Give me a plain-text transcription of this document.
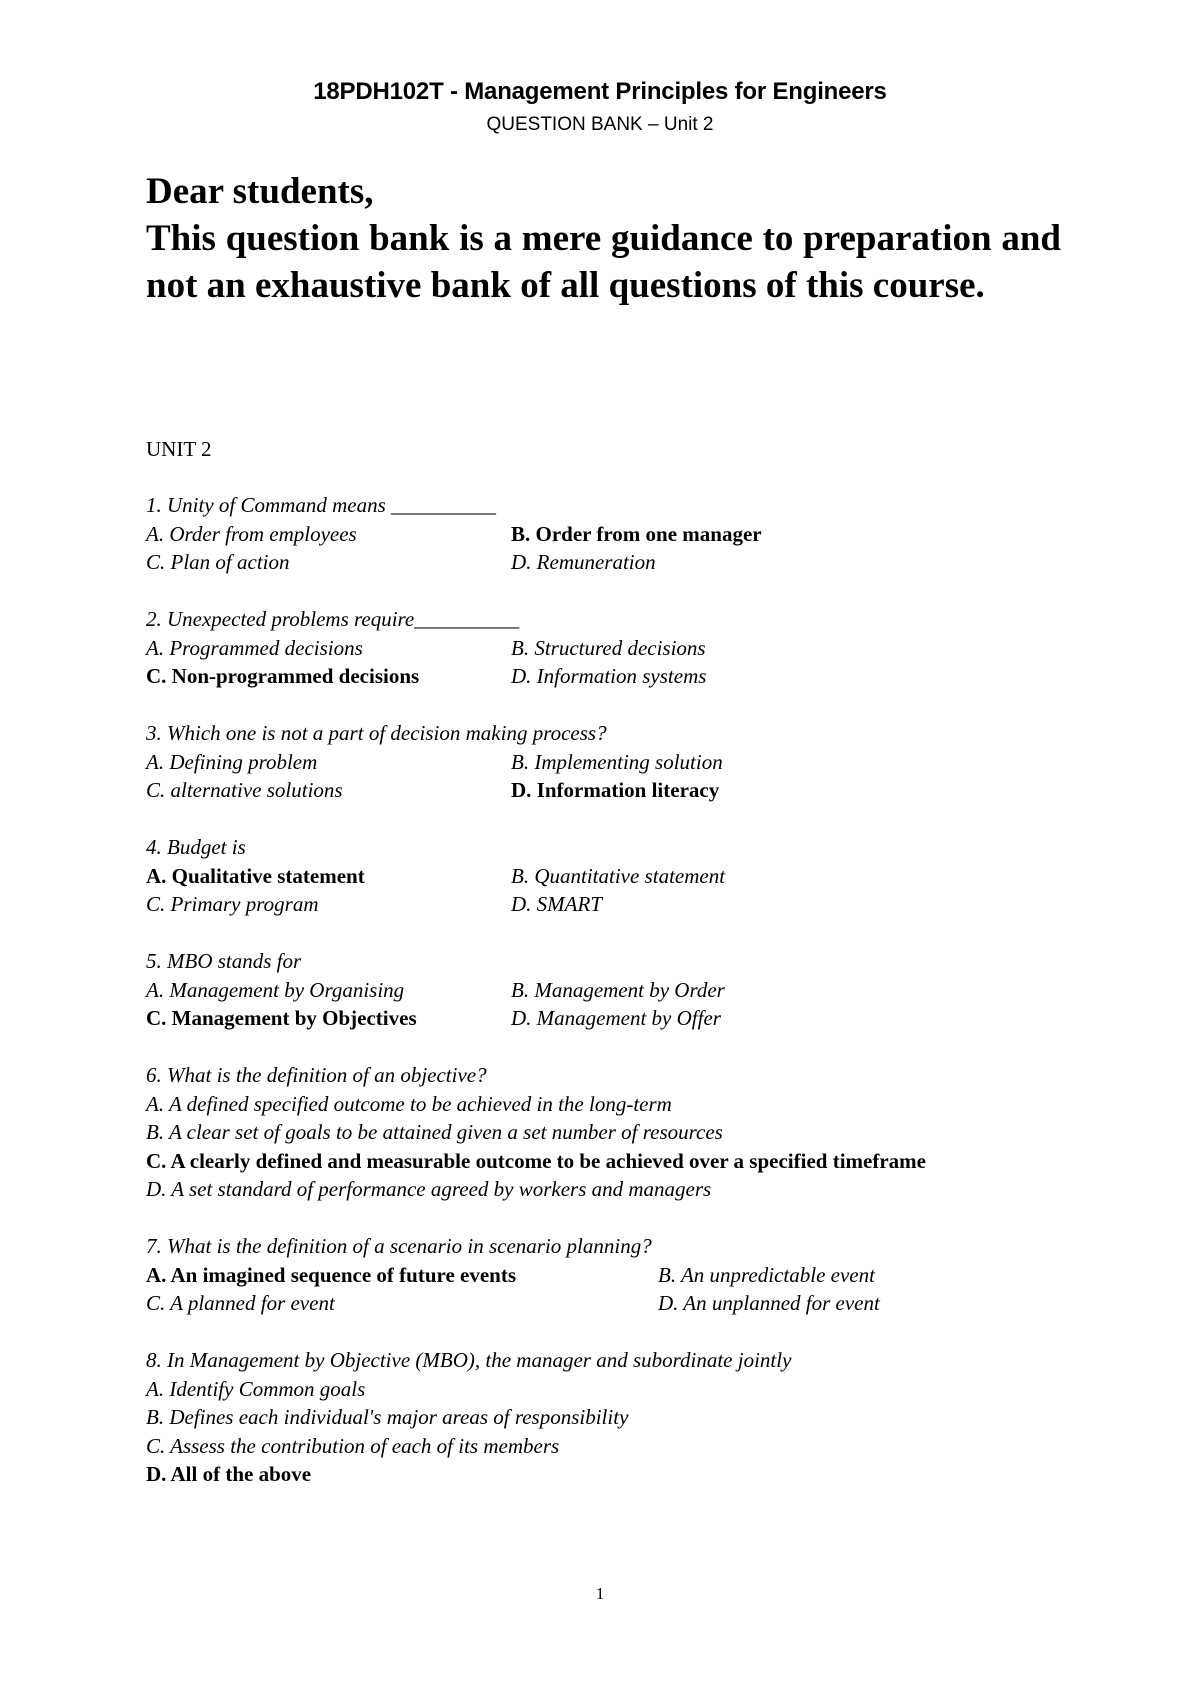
18PDH102T - Management Principles for Engineers
QUESTION BANK – Unit 2

Dear students,

This question bank is a mere guidance to preparation and not an exhaustive bank of all questions of this course.

UNIT 2
1. Unity of Command means __________
A. Order from employees	B. Order from one manager
C. Plan of action	D. Remuneration
2. Unexpected problems require__________
A. Programmed decisions	B. Structured decisions
C. Non-programmed decisions	D. Information systems
3. Which one is not a part of decision making process?
A. Defining problem	B. Implementing solution
C. alternative solutions	D. Information literacy
4. Budget is
A. Qualitative statement	B. Quantitative statement
C. Primary program	D. SMART
5. MBO stands for
A. Management by Organising	B. Management by Order
C. Management by Objectives	D. Management by Offer
6. What is the definition of an objective?
A. A defined specified outcome to be achieved in the long-term
B. A clear set of goals to be attained given a set number of resources
C. A clearly defined and measurable outcome to be achieved over a specified timeframe
D. A set standard of performance agreed by workers and managers
7. What is the definition of a scenario in scenario planning?
A. An imagined sequence of future events	B. An unpredictable event
C. A planned for event	D. An unplanned for event
8. In Management by Objective (MBO), the manager and subordinate jointly
A. Identify Common goals
B. Defines each individual's major areas of responsibility
C. Assess the contribution of each of its members
D. All of the above
1
